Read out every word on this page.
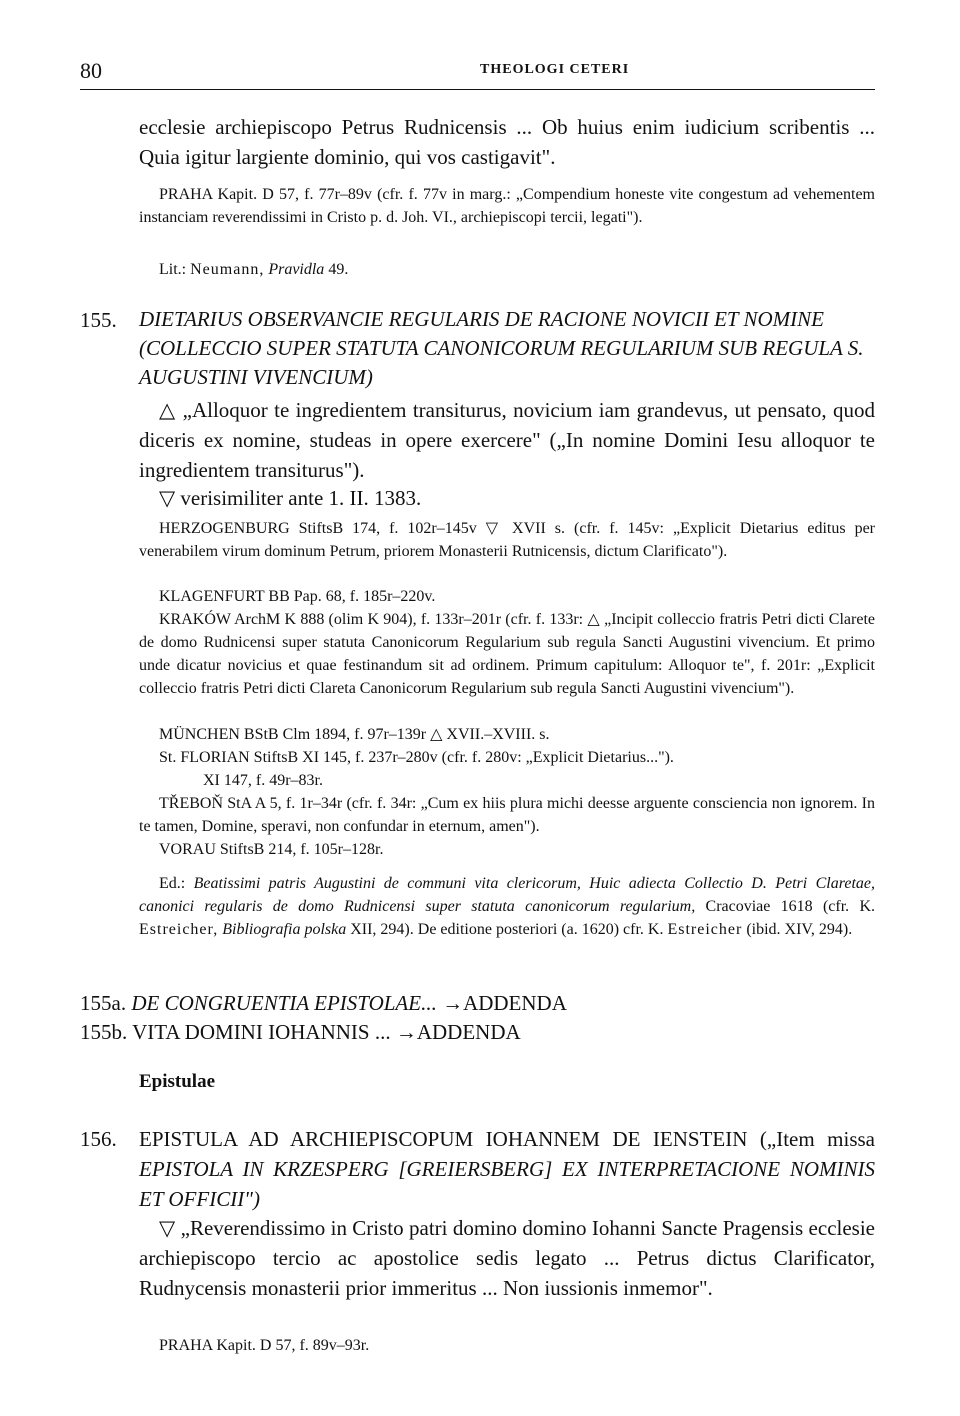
80	THEOLOGI CETERI

ecclesie archiepiscopo Petrus Rudnicensis ... Ob huius enim iudicium scribentis ... Quia igitur largiente dominio, qui vos castigavit".

PRAHA Kapit. D 57, f. 77r–89v (cfr. f. 77v in marg.: „Compendium honeste vite congestum ad vehementem instanciam reverendissimi in Cristo p. d. Joh. VI., archiepiscopi tercii, legati").

Lit.: Neumann, Pravidla 49.

155. DIETARIUS OBSERVANCIE REGULARIS DE RACIONE NOVICII ET NOMINE (COLLECCIO SUPER STATUTA CANONICORUM REGULARIUM SUB REGULA S. AUGUSTINI VIVENCIUM)

△ „Alloquor te ingredientem transiturus, novicium iam grandevus, ut pensato, quod diceris ex nomine, studeas in opere exercere" („In nomine Domini Iesu alloquor te ingredientem transiturus").

▽ verisimiliter ante 1. II. 1383.

HERZOGENBURG StiftsB 174, f. 102r–145v ▽ XVII s. (cfr. f. 145v: „Explicit Dietarius editus per venerabilem virum dominum Petrum, priorem Monasterii Rutnicensis, dictum Clarificato").

KLAGENFURT BB Pap. 68, f. 185r–220v.

KRAKÓW ArchM K 888 (olim K 904), f. 133r–201r (cfr. f. 133r: △ „Incipit colleccio fratris Petri dicti Clarete de domo Rudnicensi super statuta Canonicorum Regularium sub regula Sancti Augustini vivencium. Et primo unde dicatur novicius et quae festinandum sit ad ordinem. Primum capitulum: Alloquor te", f. 201r: „Explicit colleccio fratris Petri dicti Clareta Canonicorum Regularium sub regula Sancti Augustini vivencium").

MÜNCHEN BStB Clm 1894, f. 97r–139r △ XVII.–XVIII. s.

St. FLORIAN StiftsB XI 145, f. 237r–280v (cfr. f. 280v: „Explicit Dietarius...").

XI 147, f. 49r–83r.

TŘEBOŇ StA A 5, f. 1r–34r (cfr. f. 34r: „Cum ex hiis plura michi deesse arguente consciencia non ignorem. In te tamen, Domine, speravi, non confundar in eternum, amen").

VORAU StiftsB 214, f. 105r–128r.

Ed.: Beatissimi patris Augustini de communi vita clericorum, Huic adiecta Collectio D. Petri Claretae, canonici regularis de domo Rudnicensi super statuta canonicorum regularium, Cracoviae 1618 (cfr. K. Estreicher, Bibliografia polska XII, 294). De editione posteriori (a. 1620) cfr. K. Estreicher (ibid. XIV, 294).

155a. DE CONGRUENTIA EPISTOLAE... →ADDENDA
155b. VITA DOMINI IOHANNIS ... →ADDENDA
Epistulae
156. EPISTULA AD ARCHIEPISCOPUM IOHANNEM DE IENSTEIN („Item missa EPISTOLA IN KRZESPERG [GREIERSBERG] EX INTERPRETACIONE NOMINIS ET OFFICII")

▽ „Reverendissimo in Cristo patri domino domino Iohanni Sancte Pragensis ecclesie archiepiscopo tercio ac apostolice sedis legato ... Petrus dictus Clarificator, Rudnycensis monasterii prior immeritus ... Non iussionis inmemor".

PRAHA Kapit. D 57, f. 89v–93r.
